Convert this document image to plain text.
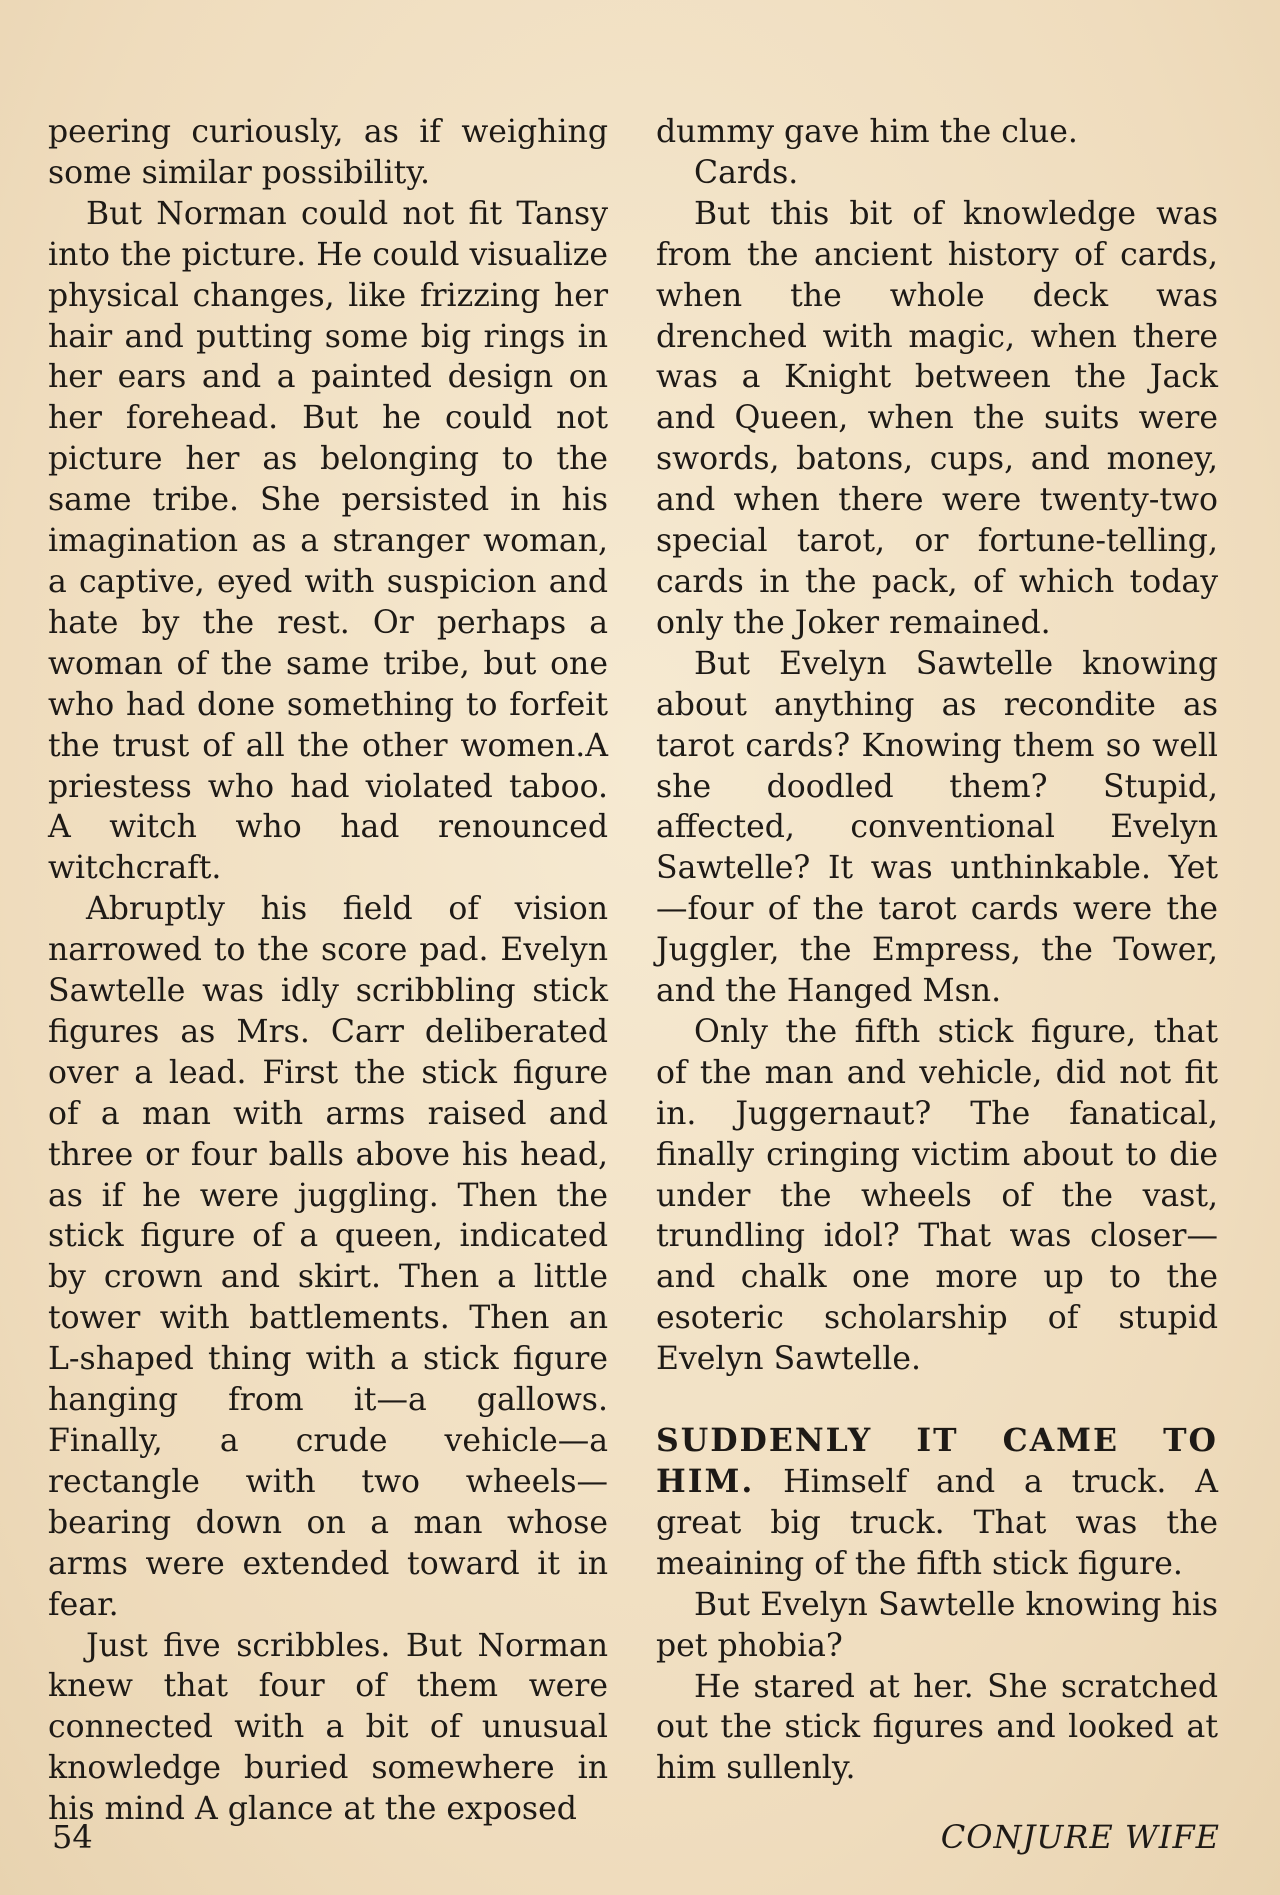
peering curiously, as if weighing some similar possibility.

But Norman could not fit Tansy into the picture. He could visualize physical changes, like frizzing her hair and putting some big rings in her ears and a painted design on her forehead. But he could not picture her as belonging to the same tribe. She persisted in his imagination as a stranger woman, a captive, eyed with suspicion and hate by the rest. Or perhaps a woman of the same tribe, but one who had done something to forfeit the trust of all the other women.A priestess who had violated taboo. A witch who had renounced witchcraft.

Abruptly his field of vision narrowed to the score pad. Evelyn Sawtelle was idly scribbling stick figures as Mrs. Carr deliberated over a lead. First the stick figure of a man with arms raised and three or four balls above his head, as if he were juggling. Then the stick figure of a queen, indicated by crown and skirt. Then a little tower with battlements. Then an L-shaped thing with a stick figure hanging from it—a gallows. Finally, a crude vehicle—a rectangle with two wheels—bearing down on a man whose arms were extended toward it in fear.

Just five scribbles. But Norman knew that four of them were connected with a bit of unusual knowledge buried somewhere in his mind A glance at the exposed

dummy gave him the clue.

Cards.

But this bit of knowledge was from the ancient history of cards, when the whole deck was drenched with magic, when there was a Knight between the Jack and Queen, when the suits were swords, batons, cups, and money, and when there were twenty-two special tarot, or fortune-telling, cards in the pack, of which today only the Joker remained.

But Evelyn Sawtelle knowing about anything as recondite as tarot cards? Knowing them so well she doodled them? Stupid, affected, conventional Evelyn Sawtelle? It was unthinkable. Yet—four of the tarot cards were the Juggler, the Empress, the Tower, and the Hanged Msn.

Only the fifth stick figure, that of the man and vehicle, did not fit in. Juggernaut? The fanatical, finally cringing victim about to die under the wheels of the vast, trundling idol? That was closer—and chalk one more up to the esoteric scholarship of stupid Evelyn Sawtelle.

SUDDENLY IT CAME TO HIM. Himself and a truck. A great big truck. That was the meaining of the fifth stick figure.

But Evelyn Sawtelle knowing his pet phobia?

He stared at her. She scratched out the stick figures and looked at him sullenly.

54	CONJURE WIFE
